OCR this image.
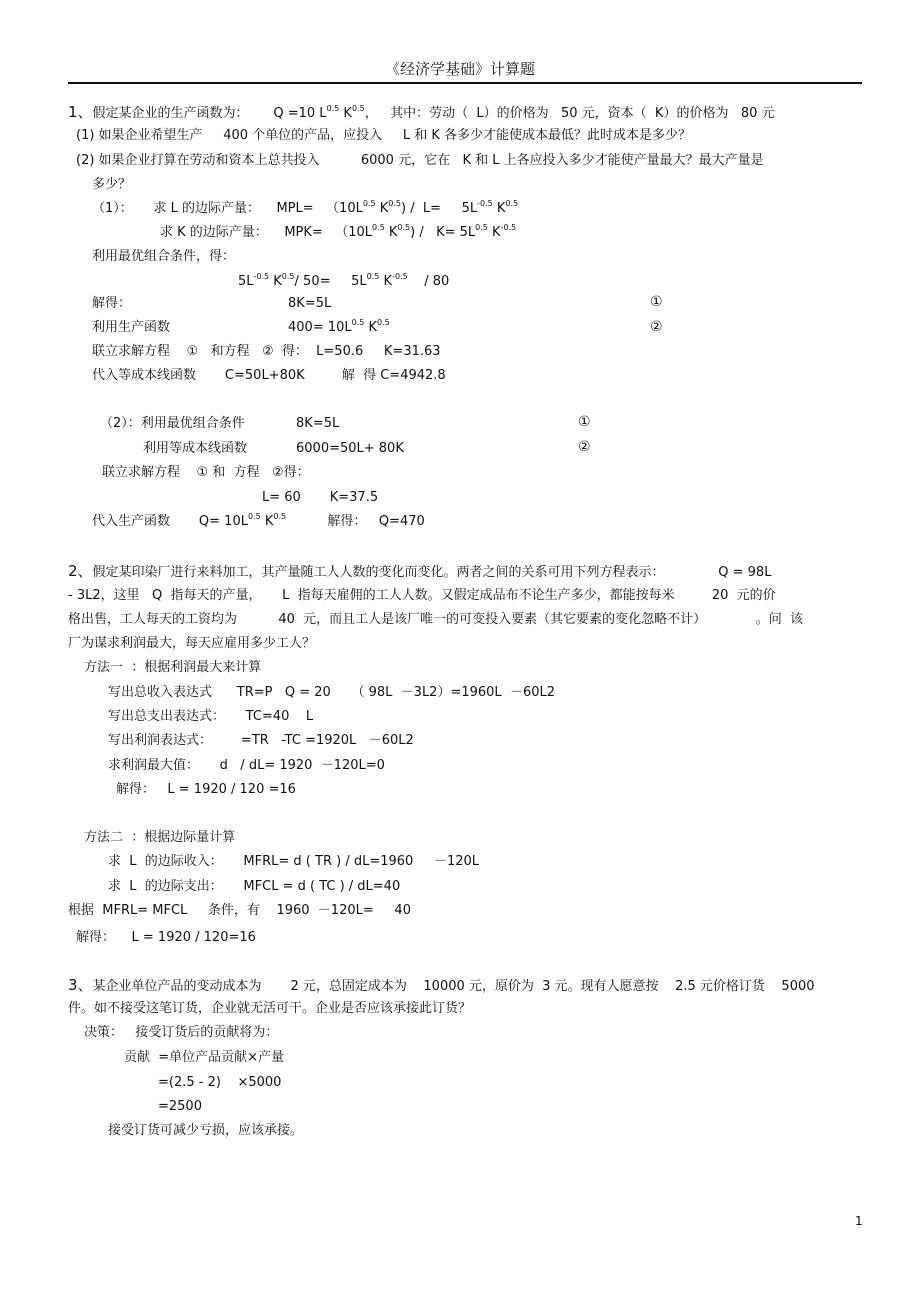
《经济学基础》计算题
1、假定某企业的生产函数为： Q =10 $L^{0.5}$ $K^{0.5}$，   其中：劳动（  L）的价格为   50 元，资本（  K）的价格为   80 元
(1) 如果企业希望生产     400 个单位的产品，应投入     L 和 K 各多少才能使成本最低？此时成本是多少？
(2) 如果企业打算在劳动和资本上总共投入          6000 元，它在   K 和 L 上各应投入多少才能使产量最大？最大产量是
多少？
（1）：     求 L 的边际产量：    $MPL= (10L^{0.5}$ $K^{0.5}) / L=$     $5L^{-0.5}$ $K^{0.5}$
求 K 的边际产量：    $MPK= (10L^{0.5}$ $K^{0.5}) / K= 5L^{0.5}$ $K^{-0.5}$
利用最优组合条件，得：
$5L^{-0.5}$ $K^{0.5}/$ 50=     $5L^{0.5}$ $K^{-0.5}$    / 80
解得：	8K=5L	①
利用生产函数	$400= 10L^{0.5}$ $K^{0.5}$	②
联立求解方程    ①   和方程   ②  得：  L=50.6     K=31.63
代入等成本线函数       C=50L+80K         解  得 C=4942.8
（2）：利用最优组合条件	8K=5L	①
利用等成本线函数	6000=50L+ 80K	②
联立求解方程    ① 和  方程   ②得：
L= 60       K=37.5
代入生产函数       $Q= 10L^{0.5}$ $K^{0.5}$          解得：   Q=470
2、假定某印染厂进行来料加工，其产量随工人人数的变化而变化。两者之间的关系可用下列方程表示：             Q = 98L
- 3L2，这里   Q  指每天的产量，     L  指每天雇佣的工人人数。又假定成品布不论生产多少，都能按每米         20  元的价
格出售，工人每天的工资均为          40  元，而且工人是该厂唯一的可变投入要素（其它要素的变化忽略不计）            。问  该
厂为谋求利润最大，每天应雇用多少工人？
方法一  ：根据利润最大来计算
写出总收入表达式      TR=P   Q = 20     （ 98L  －3L2）=1960L  －60L2
写出总支出表达式：     TC=40    L
写出利润表达式：       =TR   -TC =1920L   －60L2
求利润最大值：     d   / dL= 1920  －120L=0
解得：   L = 1920 / 120 =16
方法二  ：根据边际量计算
求  L  的边际收入：     MFRL= d ( TR ) / dL=1960     －120L
求  L  的边际支出：     MFCL = d ( TC ) / dL=40
根据  MFRL= MFCL     条件，有    1960  －120L=     40
解得：    L = 1920 / 120=16
3、某企业单位产品的变动成本为       2 元，总固定成本为    10000 元，原价为  3 元。现有人愿意按    2.5 元价格订货    5000
件。如不接受这笔订货，企业就无活可干。企业是否应该承接此订货？
决策：   接受订货后的贡献将为：
贡献  =单位产品贡献×产量
=(2.5 - 2)    ×5000
=2500
接受订货可减少亏损，应该承接。
1
